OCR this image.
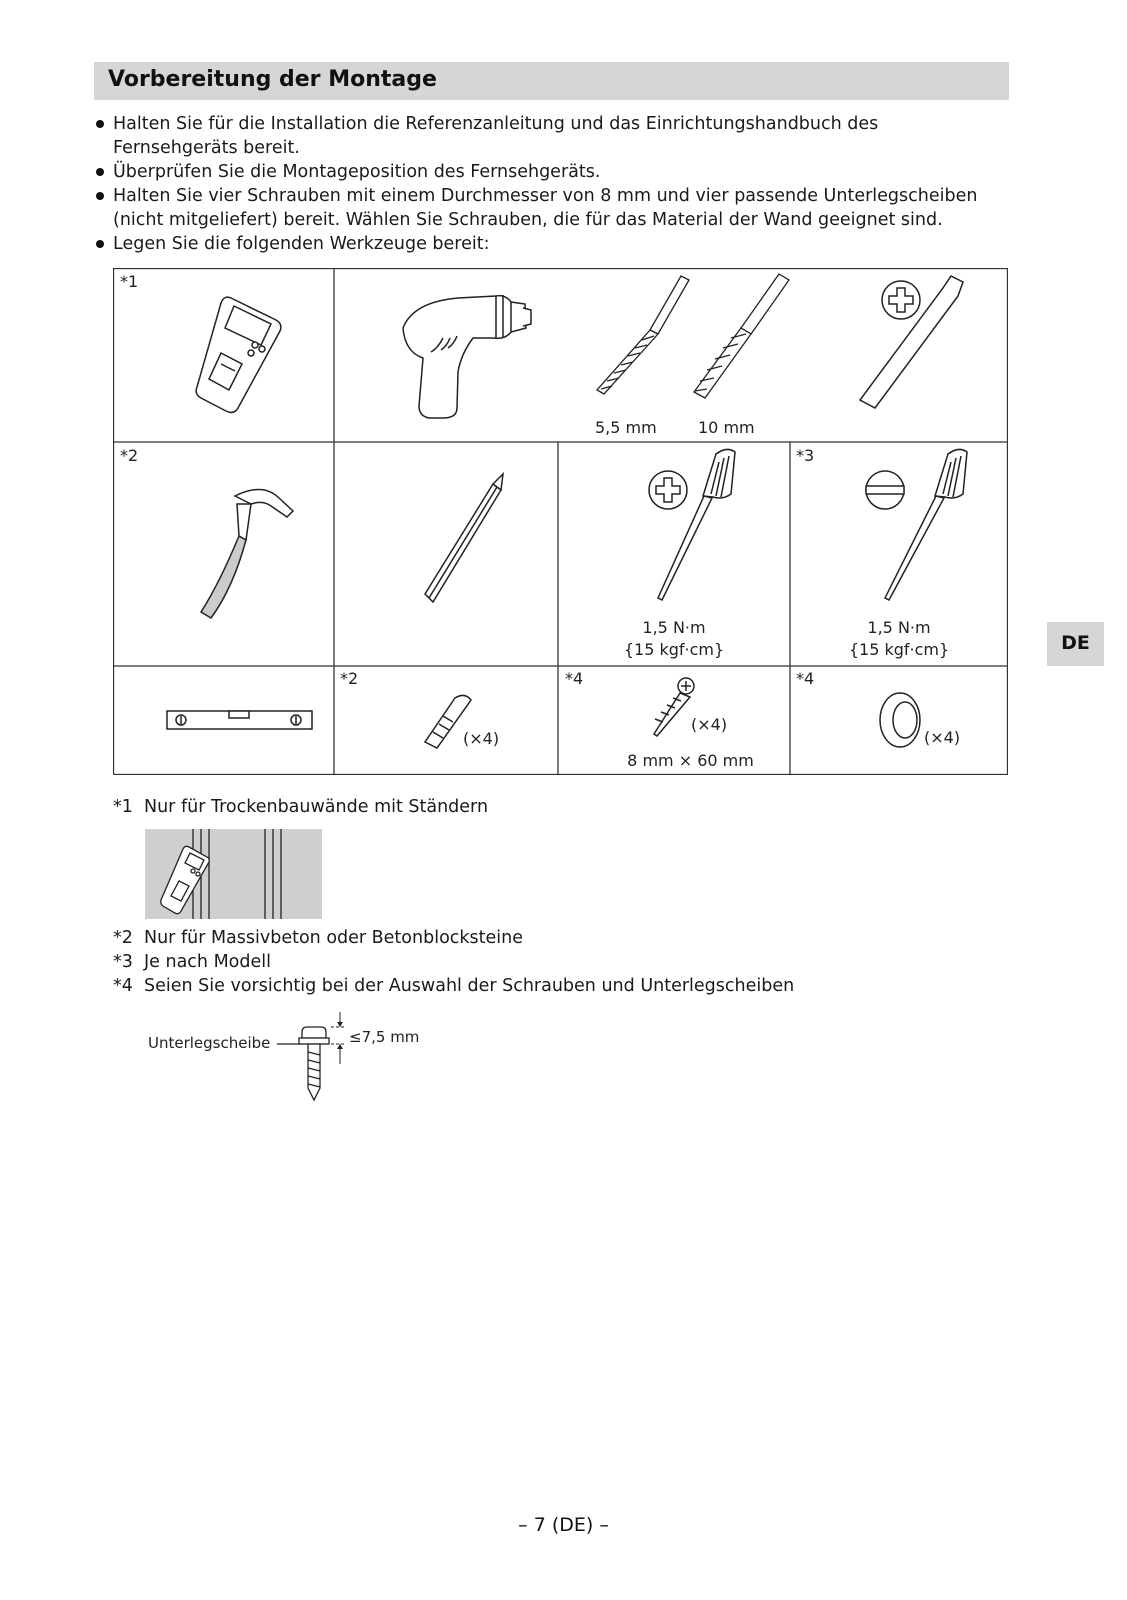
Vorbereitung der Montage
Halten Sie für die Installation die Referenzanleitung und das Einrichtungshandbuch des
Fernsehgeräts bereit.
Überprüfen Sie die Montageposition des Fernsehgeräts.
Halten Sie vier Schrauben mit einem Durchmesser von 8 mm und vier passende Unterlegscheiben
(nicht mitgeliefert) bereit. Wählen Sie Schrauben, die für das Material der Wand geeignet sind.
Legen Sie die folgenden Werkzeuge bereit:
*1
5,5 mm	10 mm
*2
1,5 N·m
{15 kgf·cm}
*3
1,5 N·m
{15 kgf·cm}
*2
(×4)
*4
(×4)
8 mm × 60 mm
*4
(×4)
*1 Nur für Trockenbauwände mit Ständern
*2 Nur für Massivbeton oder Betonblocksteine
*3 Je nach Modell
*4 Seien Sie vorsichtig bei der Auswahl der Schrauben und Unterlegscheiben
Unterlegscheibe	≤7,5 mm
DE
– 7 (DE) –
